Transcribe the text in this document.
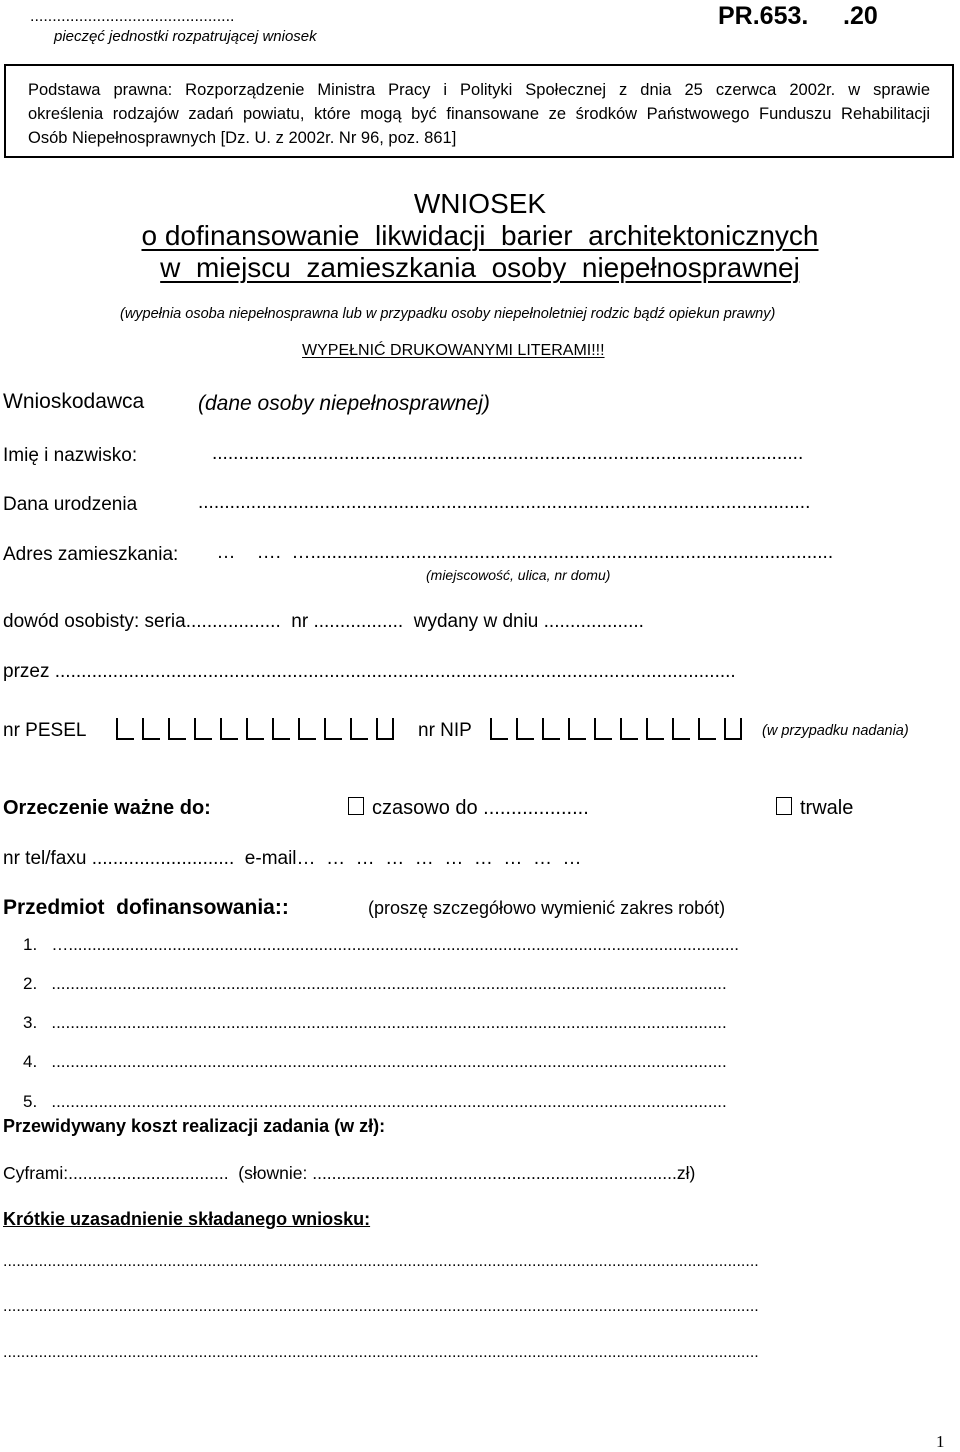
..............................................
pieczęć jednostki rozpatrującej wniosek
PR.653.     .20
Podstawa prawna: Rozporządzenie Ministra Pracy i Polityki Społecznej z dnia 25 czerwca 2002r. w sprawie
określenia rodzajów zadań powiatu, które mogą być finansowane ze środków Państwowego Funduszu Rehabilitacji
Osób Niepełnosprawnych [Dz. U. z 2002r. Nr 96, poz. 861]
WNIOSEK
o dofinansowanie  likwidacji  barier  architektonicznych
w  miejscu  zamieszkania  osoby  niepełnosprawnej
(wypełnia osoba niepełnosprawna lub w przypadku osoby niepełnoletniej rodzic bądź opiekun prawny)
WYPEŁNIĆ DRUKOWANYMI LITERAMI!!!
Wnioskodawca	(dane osoby niepełnosprawnej)
Imię i nazwisko:	................................................................................................................
Dana urodzenia	....................................................................................................................
Adres zamieszkania: …    ….  …...................................................................................................
(miejscowość, ulica, nr domu)
dowód osobisty: seria..................  nr .................  wydany w dniu ...................
przez .................................................................................................................................
nr PESEL	nr NIP	(w przypadku nadania)
Orzeczenie ważne do:	czasowo do ...................	trwale
nr tel/faxu ...........................  e-mail…  …  …  …  …  …  …  …  …  …
Przedmiot  dofinansowania::	(proszę szczegółowo wymienić zakres robót)
1.   …..............................................................................................................................................
2.   ...............................................................................................................................................
3.   ...............................................................................................................................................
4.   ...............................................................................................................................................
5.   ...............................................................................................................................................
Przewidywany koszt realizacji zadania (w zł):
Cyframi:.................................  (słownie: ...........................................................................zł)
Krótkie uzasadnienie składanego wniosku:
..........................................................................................................................................................................
..........................................................................................................................................................................
..........................................................................................................................................................................
1
